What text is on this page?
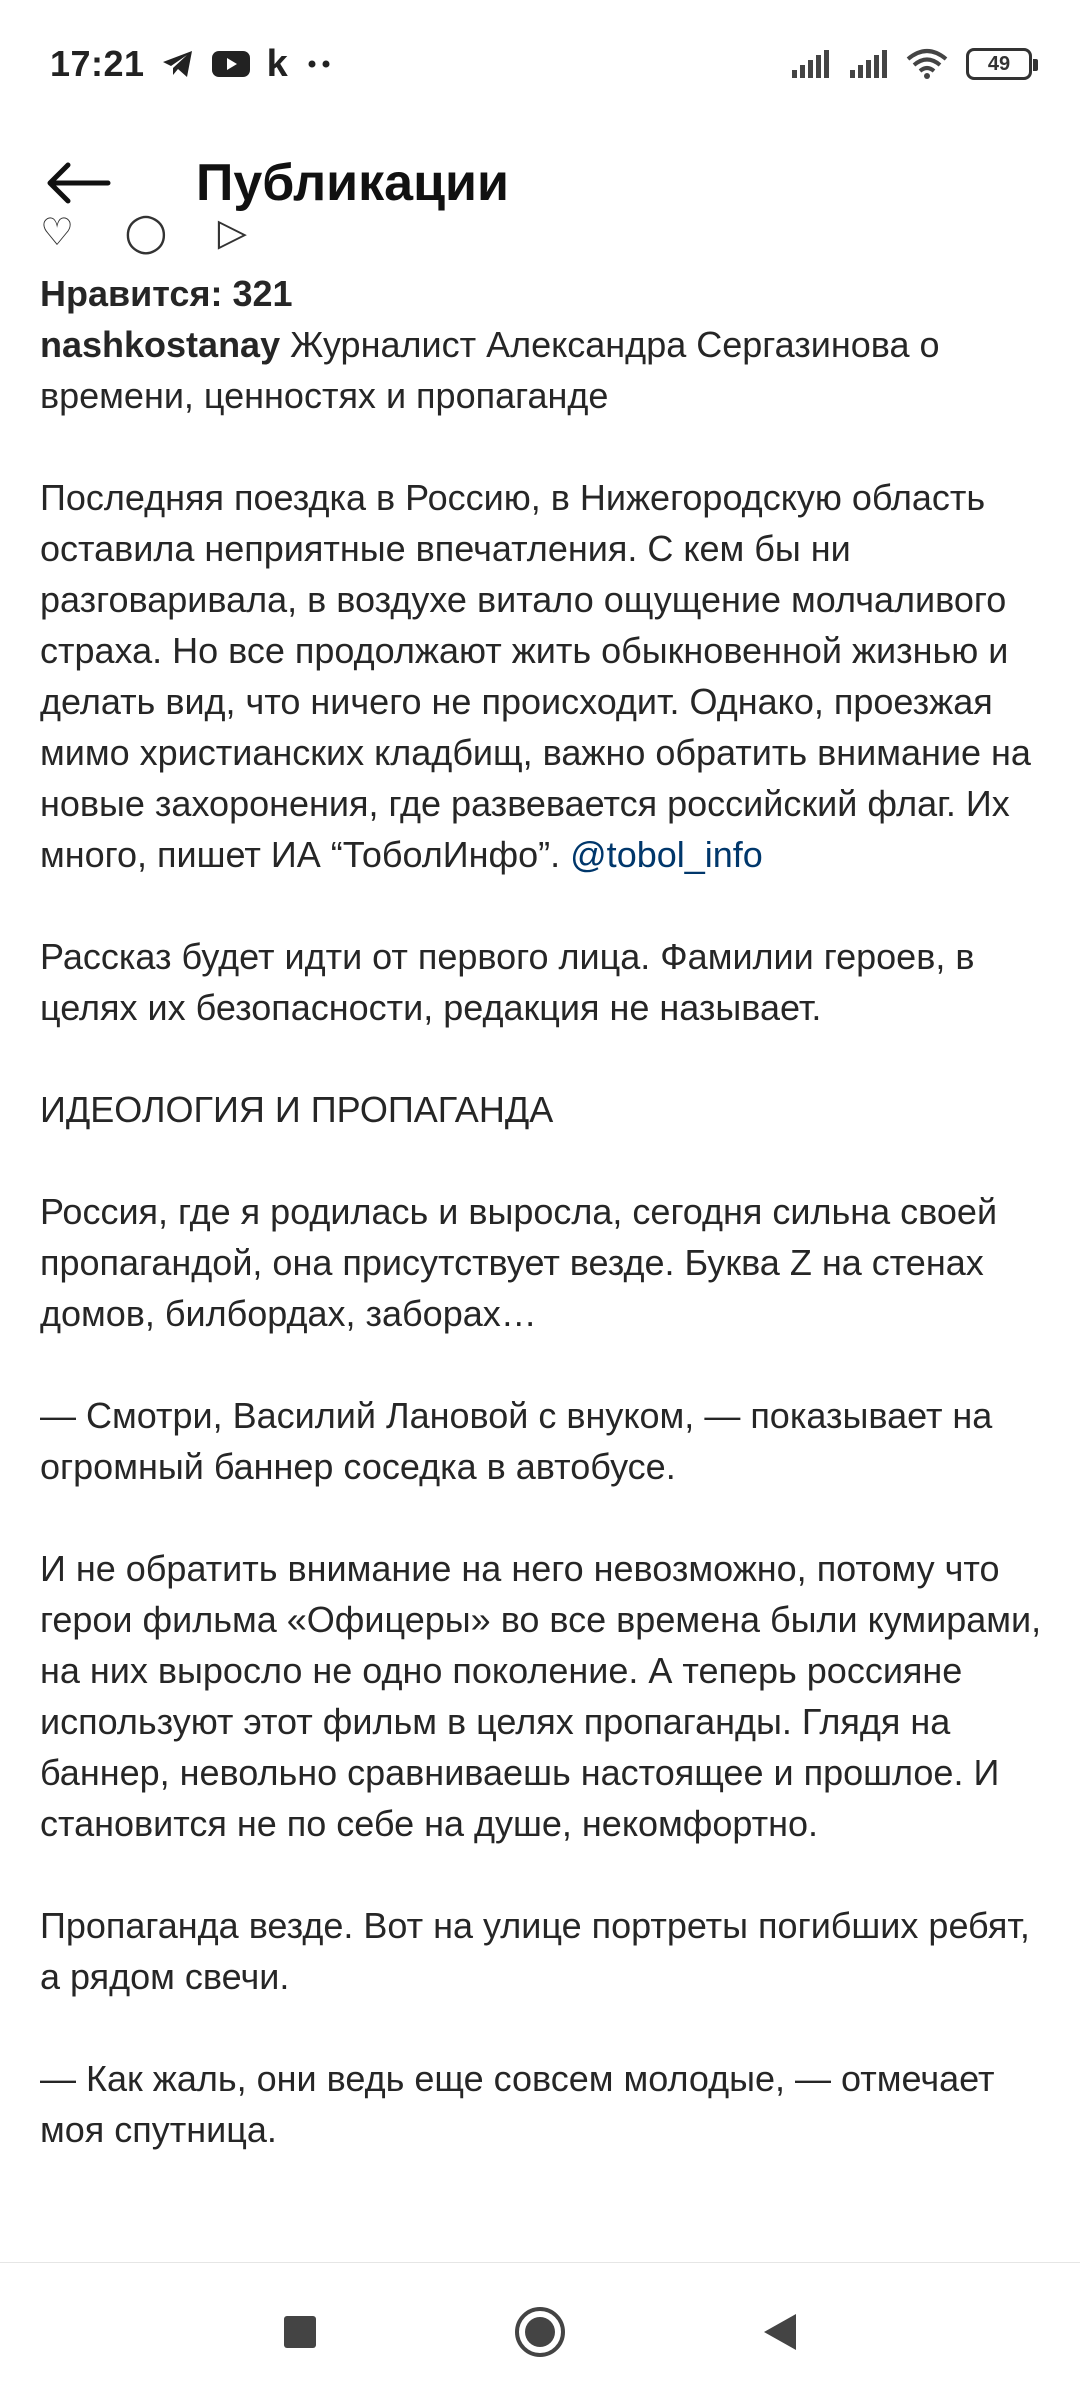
17:21	k	49
Публикации
♡ ◯ ▷
Нравится: 321
nashkostanay Журналист Александра Сергазинова о времени, ценностях и пропаганде

Последняя поездка в Россию, в Нижегородскую область оставила неприятные впечатления. С кем бы ни разговаривала, в воздухе витало ощущение молчаливого страха. Но все продолжают жить обыкновенной жизнью и делать вид, что ничего не происходит. Однако, проезжая мимо христианских кладбищ, важно обратить внимание на новые захоронения, где развевается российский флаг. Их много, пишет ИА “ТоболИнфо”. @tobol_info

Рассказ будет идти от первого лица. Фамилии героев, в целях их безопасности, редакция не называет.

ИДЕОЛОГИЯ И ПРОПАГАНДА

Россия, где я родилась и выросла, сегодня сильна своей пропагандой, она присутствует везде. Буква Z на стенах домов, билбордах, заборах…

— Смотри, Василий Лановой с внуком, — показывает на огромный баннер соседка в автобусе.

И не обратить внимание на него невозможно, потому что герои фильма «Офицеры» во все времена были кумирами, на них выросло не одно поколение. А теперь россияне используют этот фильм в целях пропаганды. Глядя на баннер, невольно сравниваешь настоящее и прошлое. И становится не по себе на душе, некомфортно.

Пропаганда везде. Вот на улице портреты погибших ребят, а рядом свечи.

— Как жаль, они ведь еще совсем молодые, — отмечает моя спутница.
